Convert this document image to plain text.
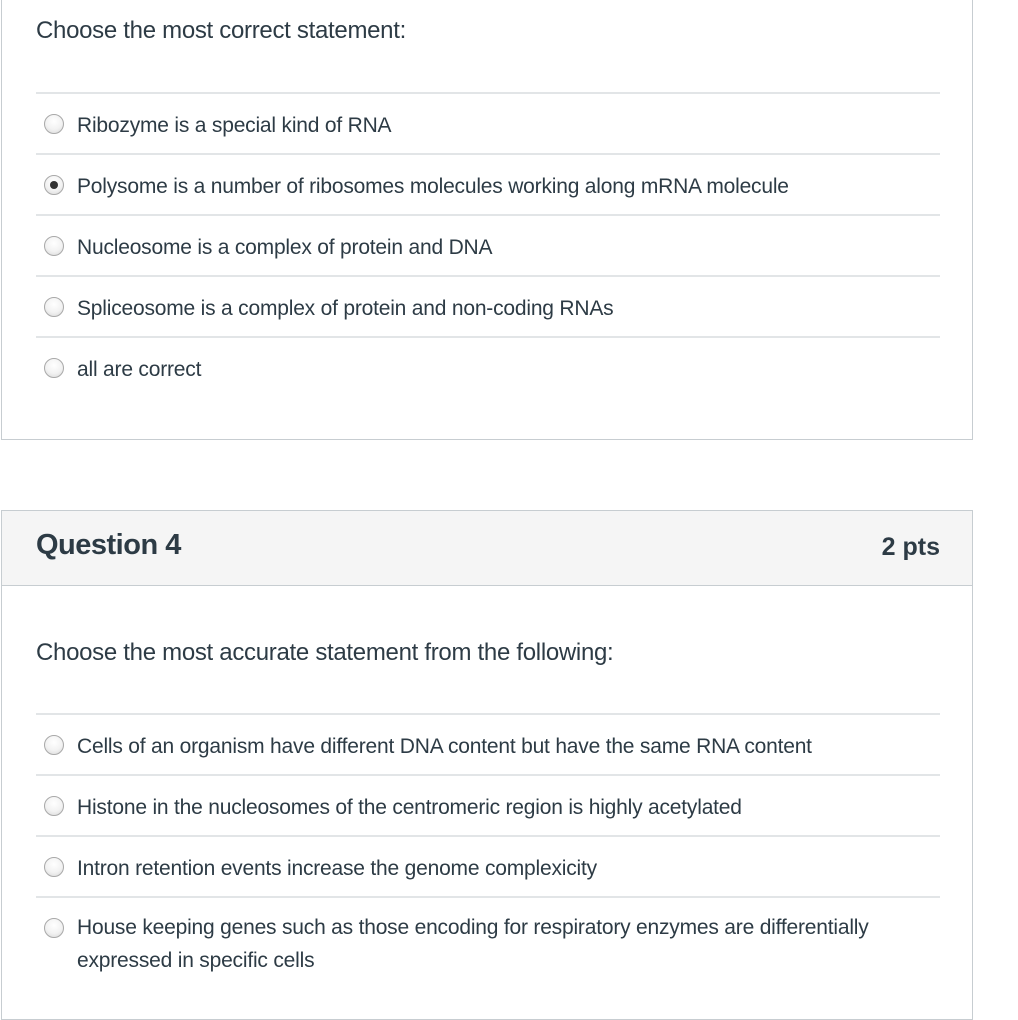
Choose the most correct statement:
Ribozyme is a special kind of RNA
Polysome is a number of ribosomes molecules working along mRNA molecule
Nucleosome is a complex of protein and DNA
Spliceosome is a complex of protein and non-coding RNAs
all are correct
Question 4	2 pts
Choose the most accurate statement from the following:
Cells of an organism have different DNA content but have the same RNA content
Histone in the nucleosomes of the centromeric region is highly acetylated
Intron retention events increase the genome complexicity
House keeping genes such as those encoding for respiratory enzymes are differentially expressed in specific cells
